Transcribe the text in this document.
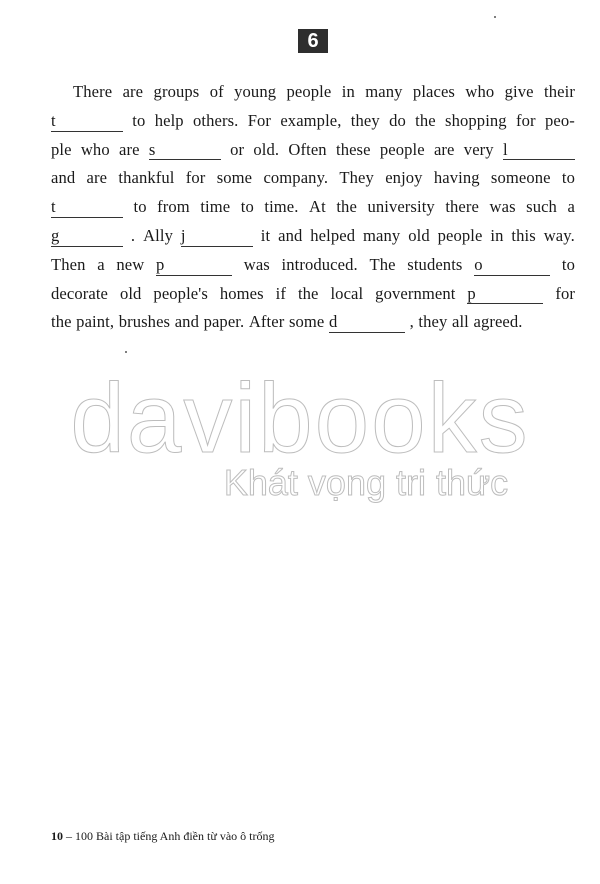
6
There are groups of young people in many places who give their
t	to help others. For example, they do the shopping for peo-
ple who are s	or old. Often these people are very l
and are thankful for some company. They enjoy having someone to
t	to from time to time. At the university there was such a
g	. Ally j	it and helped many old people in this way.
Then a new p	was introduced. The students o	to
decorate old people's homes if the local government p	for
the paint, brushes and paper. After some d	, they all agreed.
davibooks
Khát vọng tri thức
10 – 100 Bài tập tiếng Anh điền từ vào ô trống
